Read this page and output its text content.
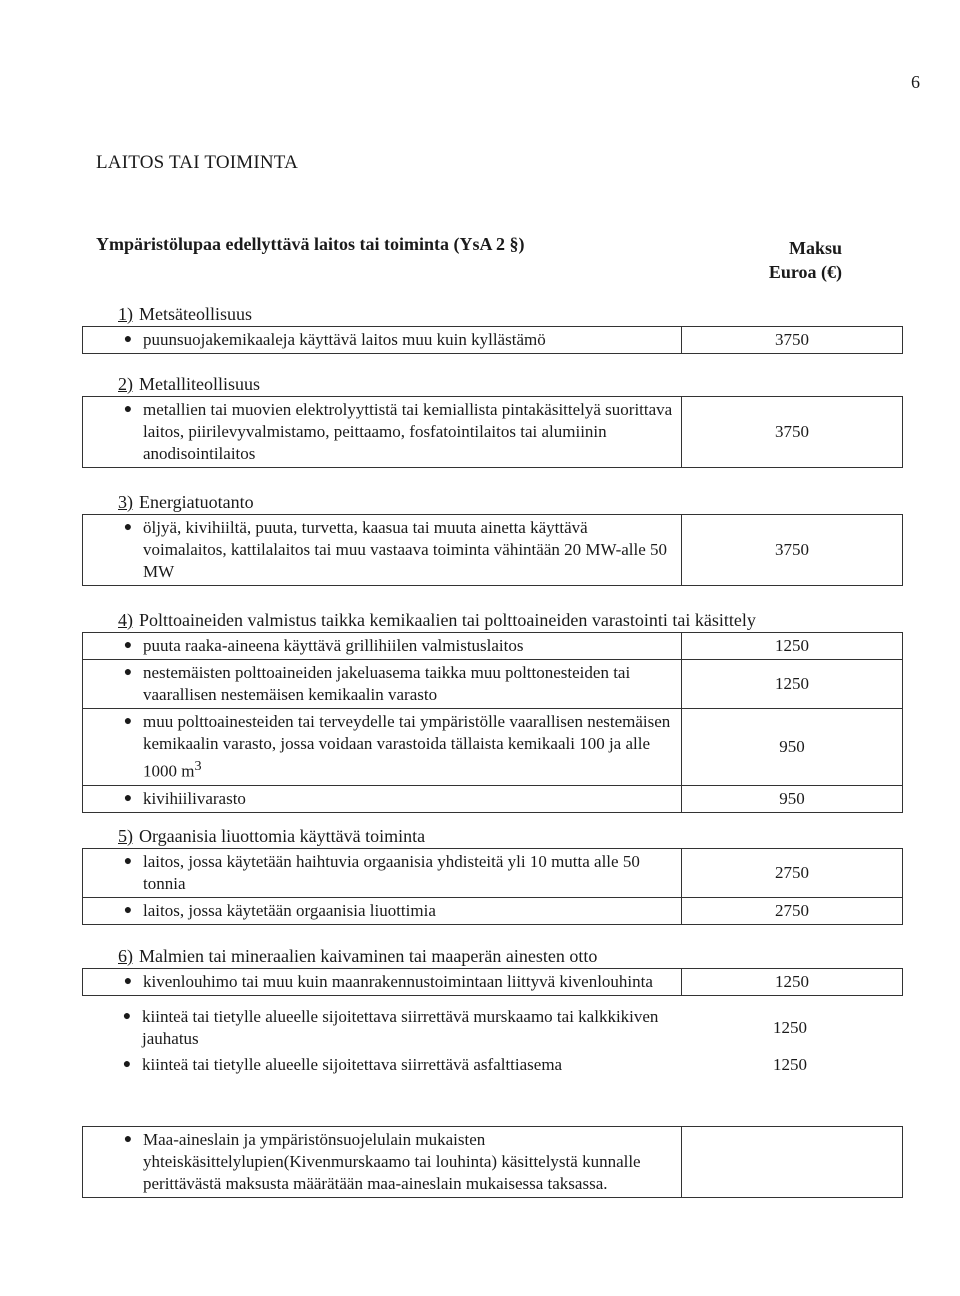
6
LAITOS TAI TOIMINTA
Ympäristölupaa edellyttävä laitos tai toiminta (YsA 2 §)	Maksu
Euroa (€)
1) Metsäteollisuus
● puunsuojakemikaaleja käyttävä laitos muu kuin kyllästämö	3750
2) Metalliteollisuus
● metallien tai muovien elektrolyyttistä tai kemiallista pintakäsittelyä suorittava laitos, piirilevyvalmistamo, peittaamo, fosfatointilaitos tai alumiinin anodisointilaitos
	3750
3) Energiatuotanto
● öljyä, kivihiiltä, puuta, turvetta, kaasua tai muuta ainetta käyttävä voimalaitos, kattilalaitos tai muu vastaava toiminta vähintään 20 MW-alle 50 MW
	3750
4) Polttoaineiden valmistus taikka kemikaalien tai polttoaineiden varastointi tai käsittely
● puuta raaka-aineena käyttävä grillihiilen valmistuslaitos	1250

● nestemäisten polttoaineiden jakeluasema taikka muu polttonesteiden tai vaarallisen nestemäisen kemikaalin varasto	1250

● muu polttoainesteiden tai terveydelle tai ympäristölle vaarallisen nestemäisen kemikaalin varasto, jossa voidaan varastoida tällaista kemikaali 100 ja alle 1000 $m^3$	950

● kivihiilivarasto	950
5) Orgaanisia liuottomia käyttävä toiminta
● laitos, jossa käytetään haihtuvia orgaanisia yhdisteitä yli 10 mutta alle 50 tonnia	2750

● laitos, jossa käytetään orgaanisia liuottimia	2750
6) Malmien tai mineraalien kaivaminen tai maaperän ainesten otto
● kivenlouhimo tai muu kuin maanrakennustoimintaan liittyvä kivenlouhinta	1250
● kiinteä tai tietylle alueelle sijoitettava siirrettävä murskaamo tai kalkkikiven jauhatus	1250

● kiinteä tai tietylle alueelle sijoitettava siirrettävä asfalttiasema	1250
● Maa-aineslain ja ympäristönsuojelulain mukaisten yhteiskäsittelylupien(Kivenmurskaamo tai louhinta) käsittelystä kunnalle perittävästä maksusta määrätään maa-aineslain mukaisessa taksassa.
